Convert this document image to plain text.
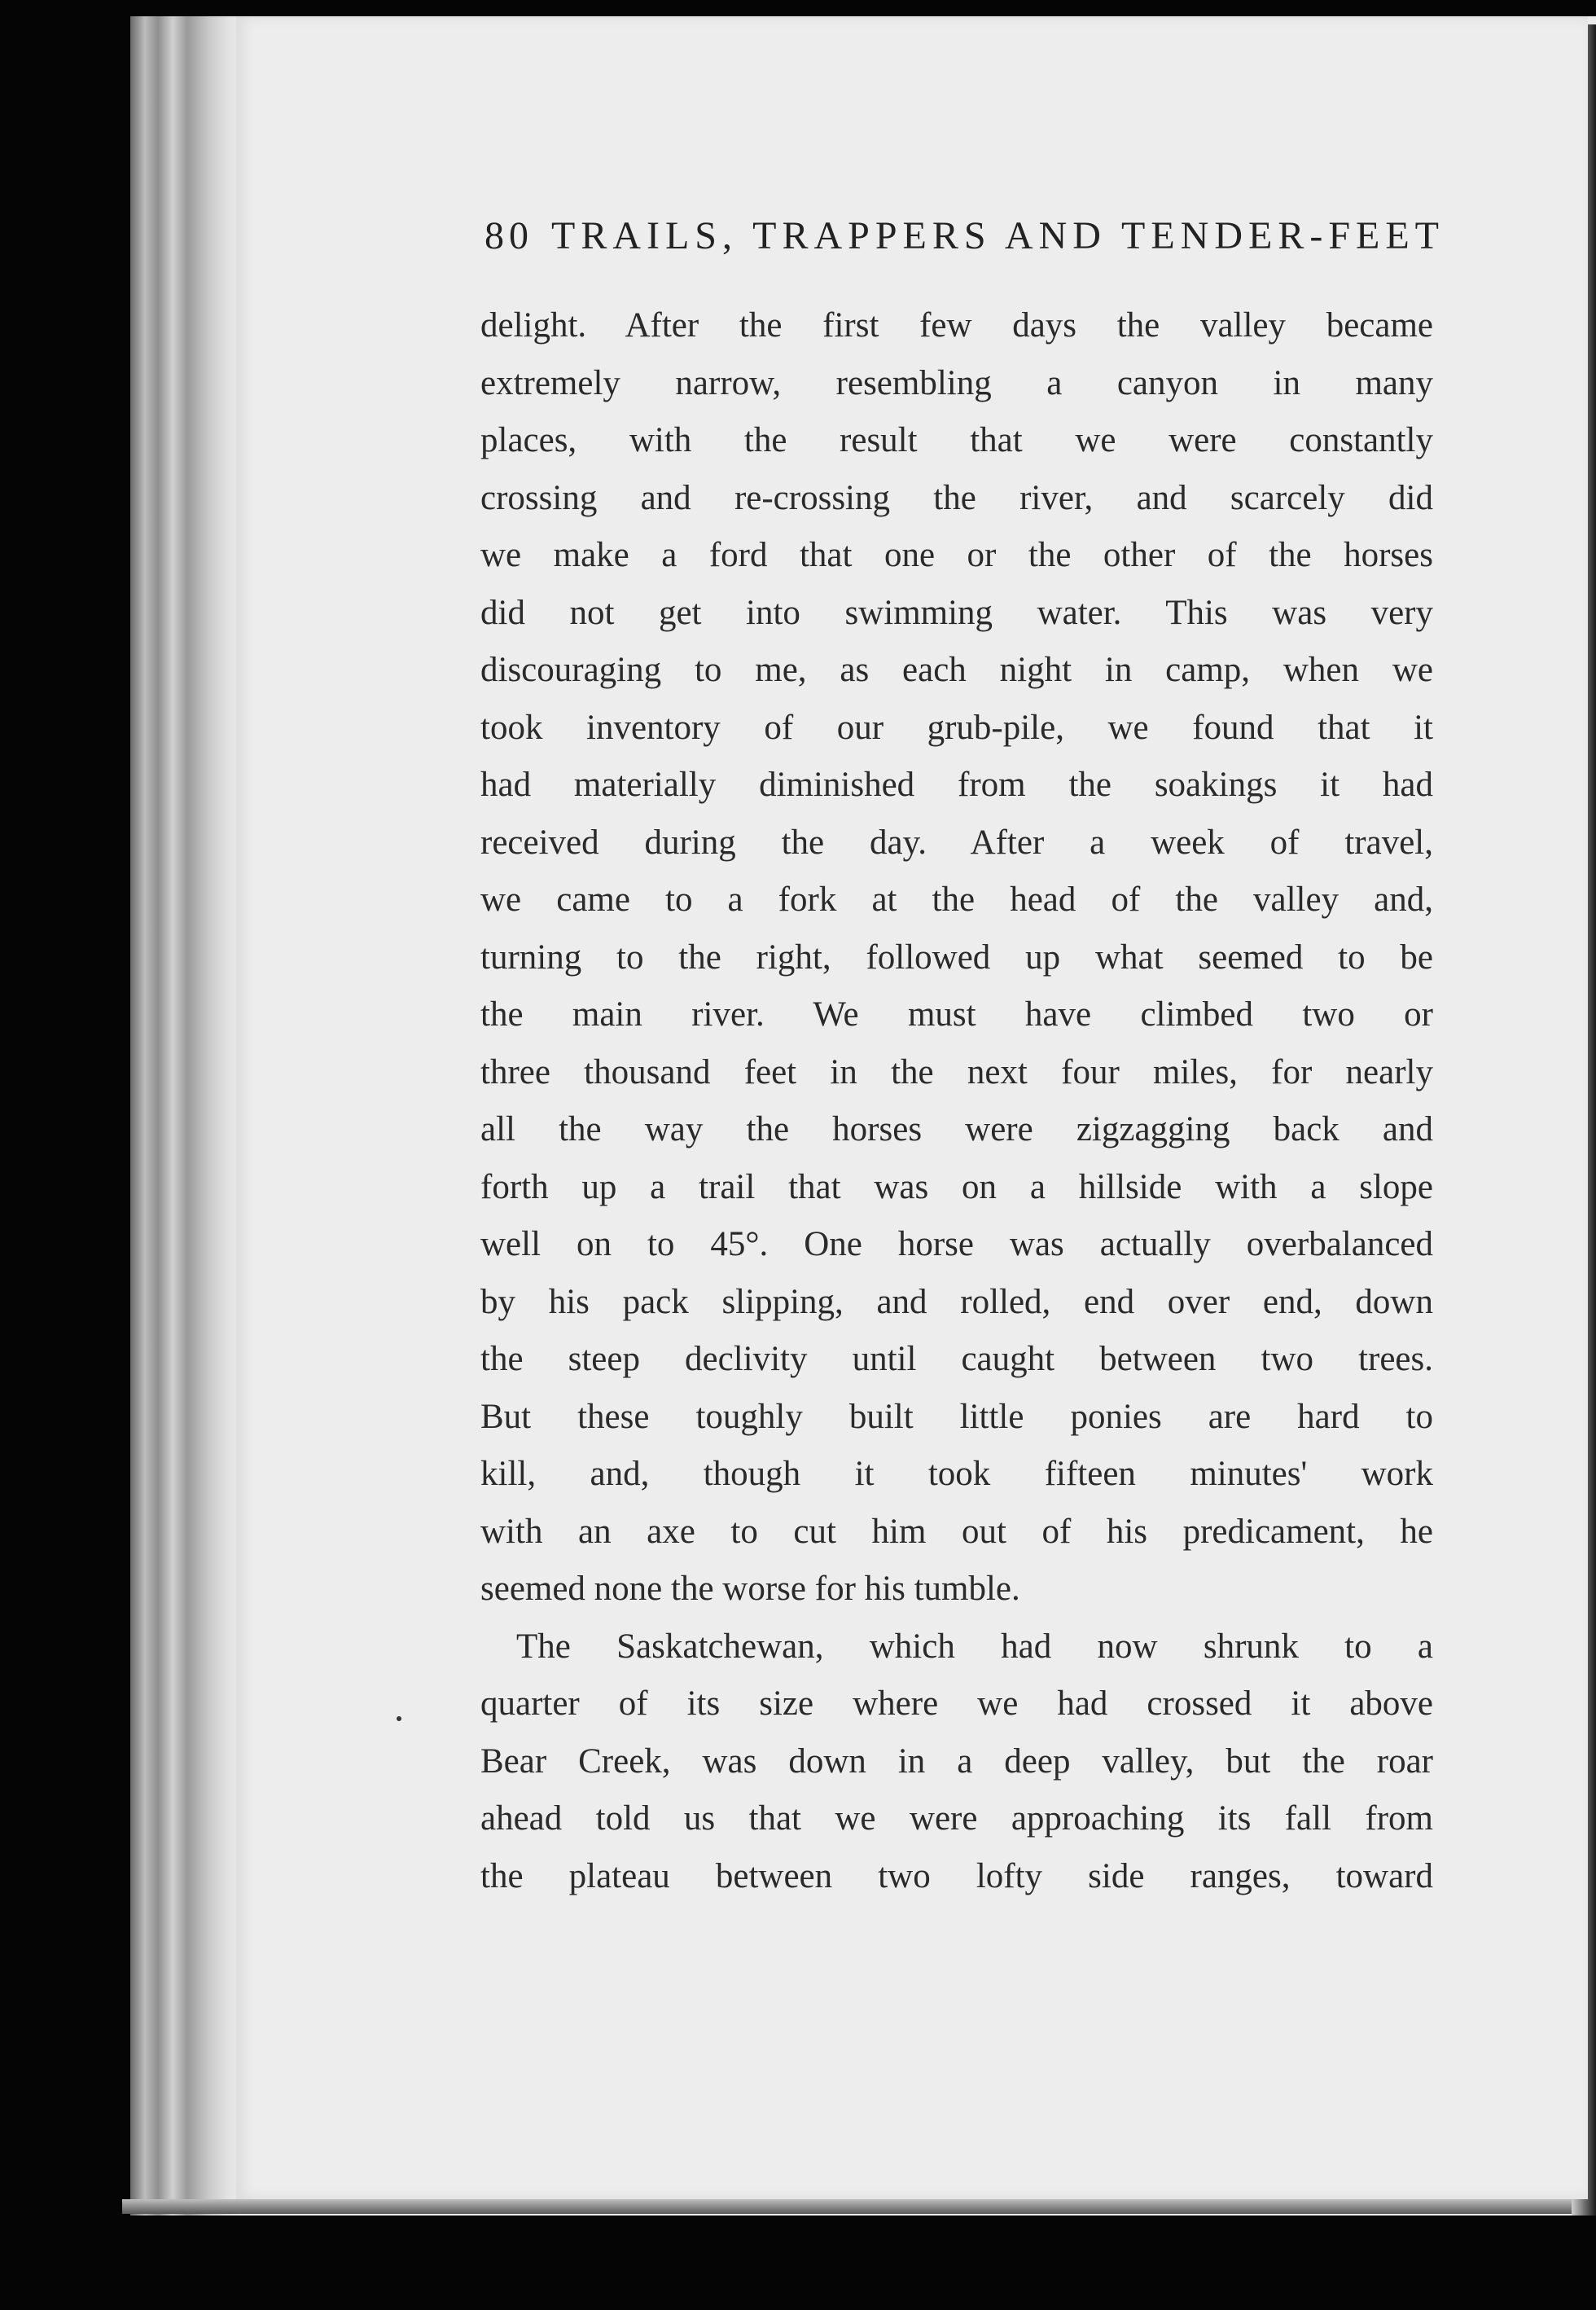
80 TRAILS, TRAPPERS AND TENDER-FEET
delight. After the first few days the valley became
extremely narrow, resembling a canyon in many
places, with the result that we were constantly
crossing and re-crossing the river, and scarcely did
we make a ford that one or the other of the horses
did not get into swimming water. This was very
discouraging to me, as each night in camp, when we
took inventory of our grub-pile, we found that it
had materially diminished from the soakings it had
received during the day. After a week of travel,
we came to a fork at the head of the valley and,
turning to the right, followed up what seemed to be
the main river. We must have climbed two or
three thousand feet in the next four miles, for nearly
all the way the horses were zigzagging back and
forth up a trail that was on a hillside with a slope
well on to 45°. One horse was actually overbalanced
by his pack slipping, and rolled, end over end, down
the steep declivity until caught between two trees.
But these toughly built little ponies are hard to
kill, and, though it took fifteen minutes' work
with an axe to cut him out of his predicament, he
seemed none the worse for his tumble.
The Saskatchewan, which had now shrunk to a
quarter of its size where we had crossed it above
Bear Creek, was down in a deep valley, but the roar
ahead told us that we were approaching its fall from
the plateau between two lofty side ranges, toward
